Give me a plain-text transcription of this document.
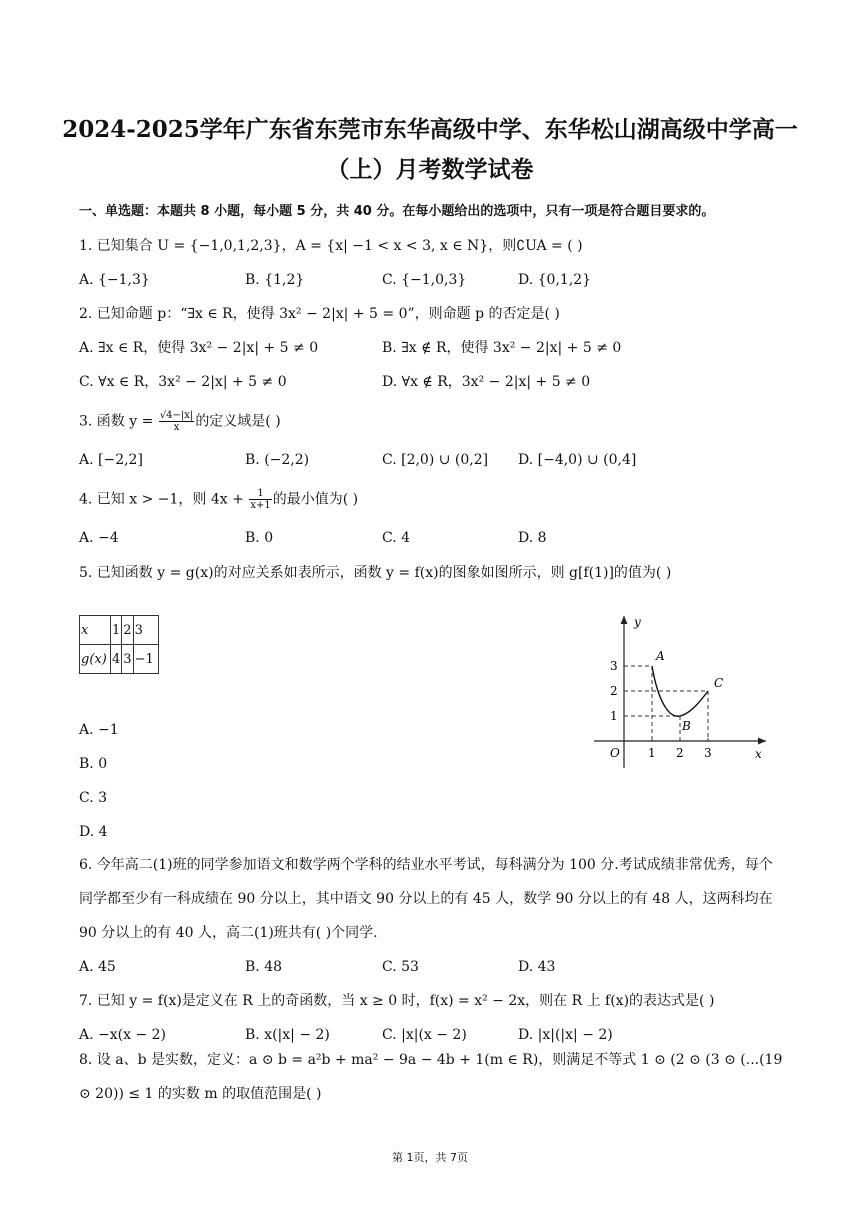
2024-2025学年广东省东莞市东华高级中学、东华松山湖高级中学高一
（上）月考数学试卷
一、单选题：本题共 8 小题，每小题 5 分，共 40 分。在每小题给出的选项中，只有一项是符合题目要求的。
1. 已知集合 U = {−1,0,1,2,3}，A = {x| −1 < x < 3, x ∈ N}，则∁UA = ( )
A. {−1,3}	B. {1,2}	C. {−1,0,3}	D. {0,1,2}
2. 已知命题 p：“∃x ∈ R，使得 3x² − 2|x| + 5 = 0”，则命题 p 的否定是( )
A. ∃x ∈ R，使得 3x² − 2|x| + 5 ≠ 0	B. ∃x ∉ R，使得 3x² − 2|x| + 5 ≠ 0
C. ∀x ∈ R，3x² − 2|x| + 5 ≠ 0	D. ∀x ∉ R，3x² − 2|x| + 5 ≠ 0
3. 函数 $y = \frac{√4-|x|}{x}$ 的定义域是( )
A. [−2,2]	B. (−2,2)	C. [2,0) ∪ (0,2] D. [−4,0) ∪ (0,4]
4. 已知 x > −1，则 $4x + \frac{1}{x+1}$ 的最小值为( )
A. −4	B. 0	C. 4	D. 8
5. 已知函数 y = g(x)的对应关系如表所示，函数 y = f(x)的图象如图所示，则 g[f(1)]的值为( )
x	1	2	3
g(x)	4	3	−1
y
x
O 1 2 3
1
2
3
A
B
C
A. −1
B. 0
C. 3
D. 4
6. 今年高二(1)班的同学参加语文和数学两个学科的结业水平考试，每科满分为 100 分.考试成绩非常优秀，每个同学都至少有一科成绩在 90 分以上，其中语文 90 分以上的有 45 人，数学 90 分以上的有 48 人，这两科均在 90 分以上的有 40 人，高二(1)班共有( )个同学.
A. 45	B. 48	C. 53	D. 43
7. 已知 y = f(x)是定义在 R 上的奇函数，当 x ≥ 0 时，f(x) = x² − 2x，则在 R 上 f(x)的表达式是( )
A. −x(x − 2)	B. x(|x| − 2)	C. |x|(x − 2)	D. |x|(|x| − 2)
8. 设 a、b 是实数，定义：a ⊙ b = a²b + ma² − 9a − 4b + 1(m ∈ R)，则满足不等式 1 ⊙ (2 ⊙ (3 ⊙ (...(19 ⊙ 20)) ≤ 1 的实数 m 的取值范围是( )
第 1页，共 7页
